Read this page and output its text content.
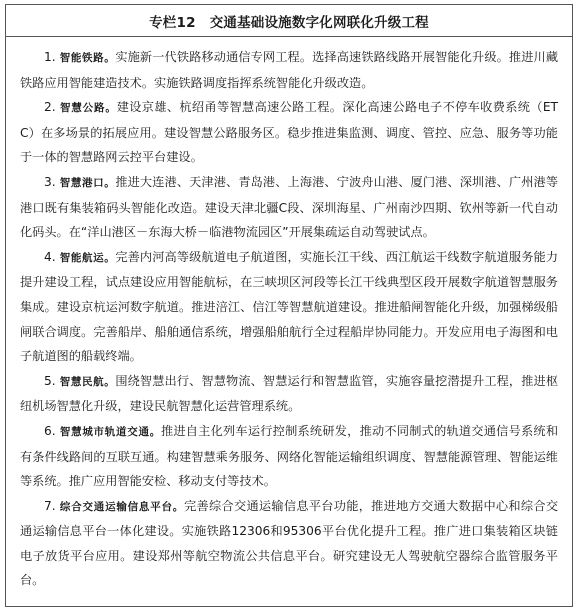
专栏12 交通基础设施数字化网联化升级工程

1. 智能铁路。实施新一代铁路移动通信专网工程。选择高速铁路线路开展智能化升级。推进川藏铁路应用智能建造技术。实施铁路调度指挥系统智能化升级改造。

2. 智慧公路。建设京雄、杭绍甬等智慧高速公路工程。深化高速公路电子不停车收费系统（ETC）在多场景的拓展应用。建设智慧公路服务区。稳步推进集监测、调度、管控、应急、服务等功能于一体的智慧路网云控平台建设。

3. 智慧港口。推进大连港、天津港、青岛港、上海港、宁波舟山港、厦门港、深圳港、广州港等港口既有集装箱码头智能化改造。建设天津北疆C段、深圳海星、广州南沙四期、钦州等新一代自动化码头。在“洋山港区－东海大桥－临港物流园区”开展集疏运自动驾驶试点。

4. 智能航运。完善内河高等级航道电子航道图，实施长江干线、西江航运干线数字航道服务能力提升建设工程，试点建设应用智能航标，在三峡坝区河段等长江干线典型区段开展数字航道智慧服务集成。建设京杭运河数字航道。推进涪江、信江等智慧航道建设。推进船闸智能化升级，加强梯级船闸联合调度。完善船岸、船舶通信系统，增强船舶航行全过程船岸协同能力。开发应用电子海图和电子航道图的船载终端。

5. 智慧民航。围绕智慧出行、智慧物流、智慧运行和智慧监管，实施容量挖潜提升工程，推进枢纽机场智慧化升级，建设民航智慧化运营管理系统。

6. 智慧城市轨道交通。推进自主化列车运行控制系统研发，推动不同制式的轨道交通信号系统和有条件线路间的互联互通。构建智慧乘务服务、网络化智能运输组织调度、智慧能源管理、智能运维等系统。推广应用智能安检、移动支付等技术。

7. 综合交通运输信息平台。完善综合交通运输信息平台功能，推进地方交通大数据中心和综合交通运输信息平台一体化建设。实施铁路12306和95306平台优化提升工程。推广进口集装箱区块链电子放货平台应用。建设郑州等航空物流公共信息平台。研究建设无人驾驶航空器综合监管服务平台。
